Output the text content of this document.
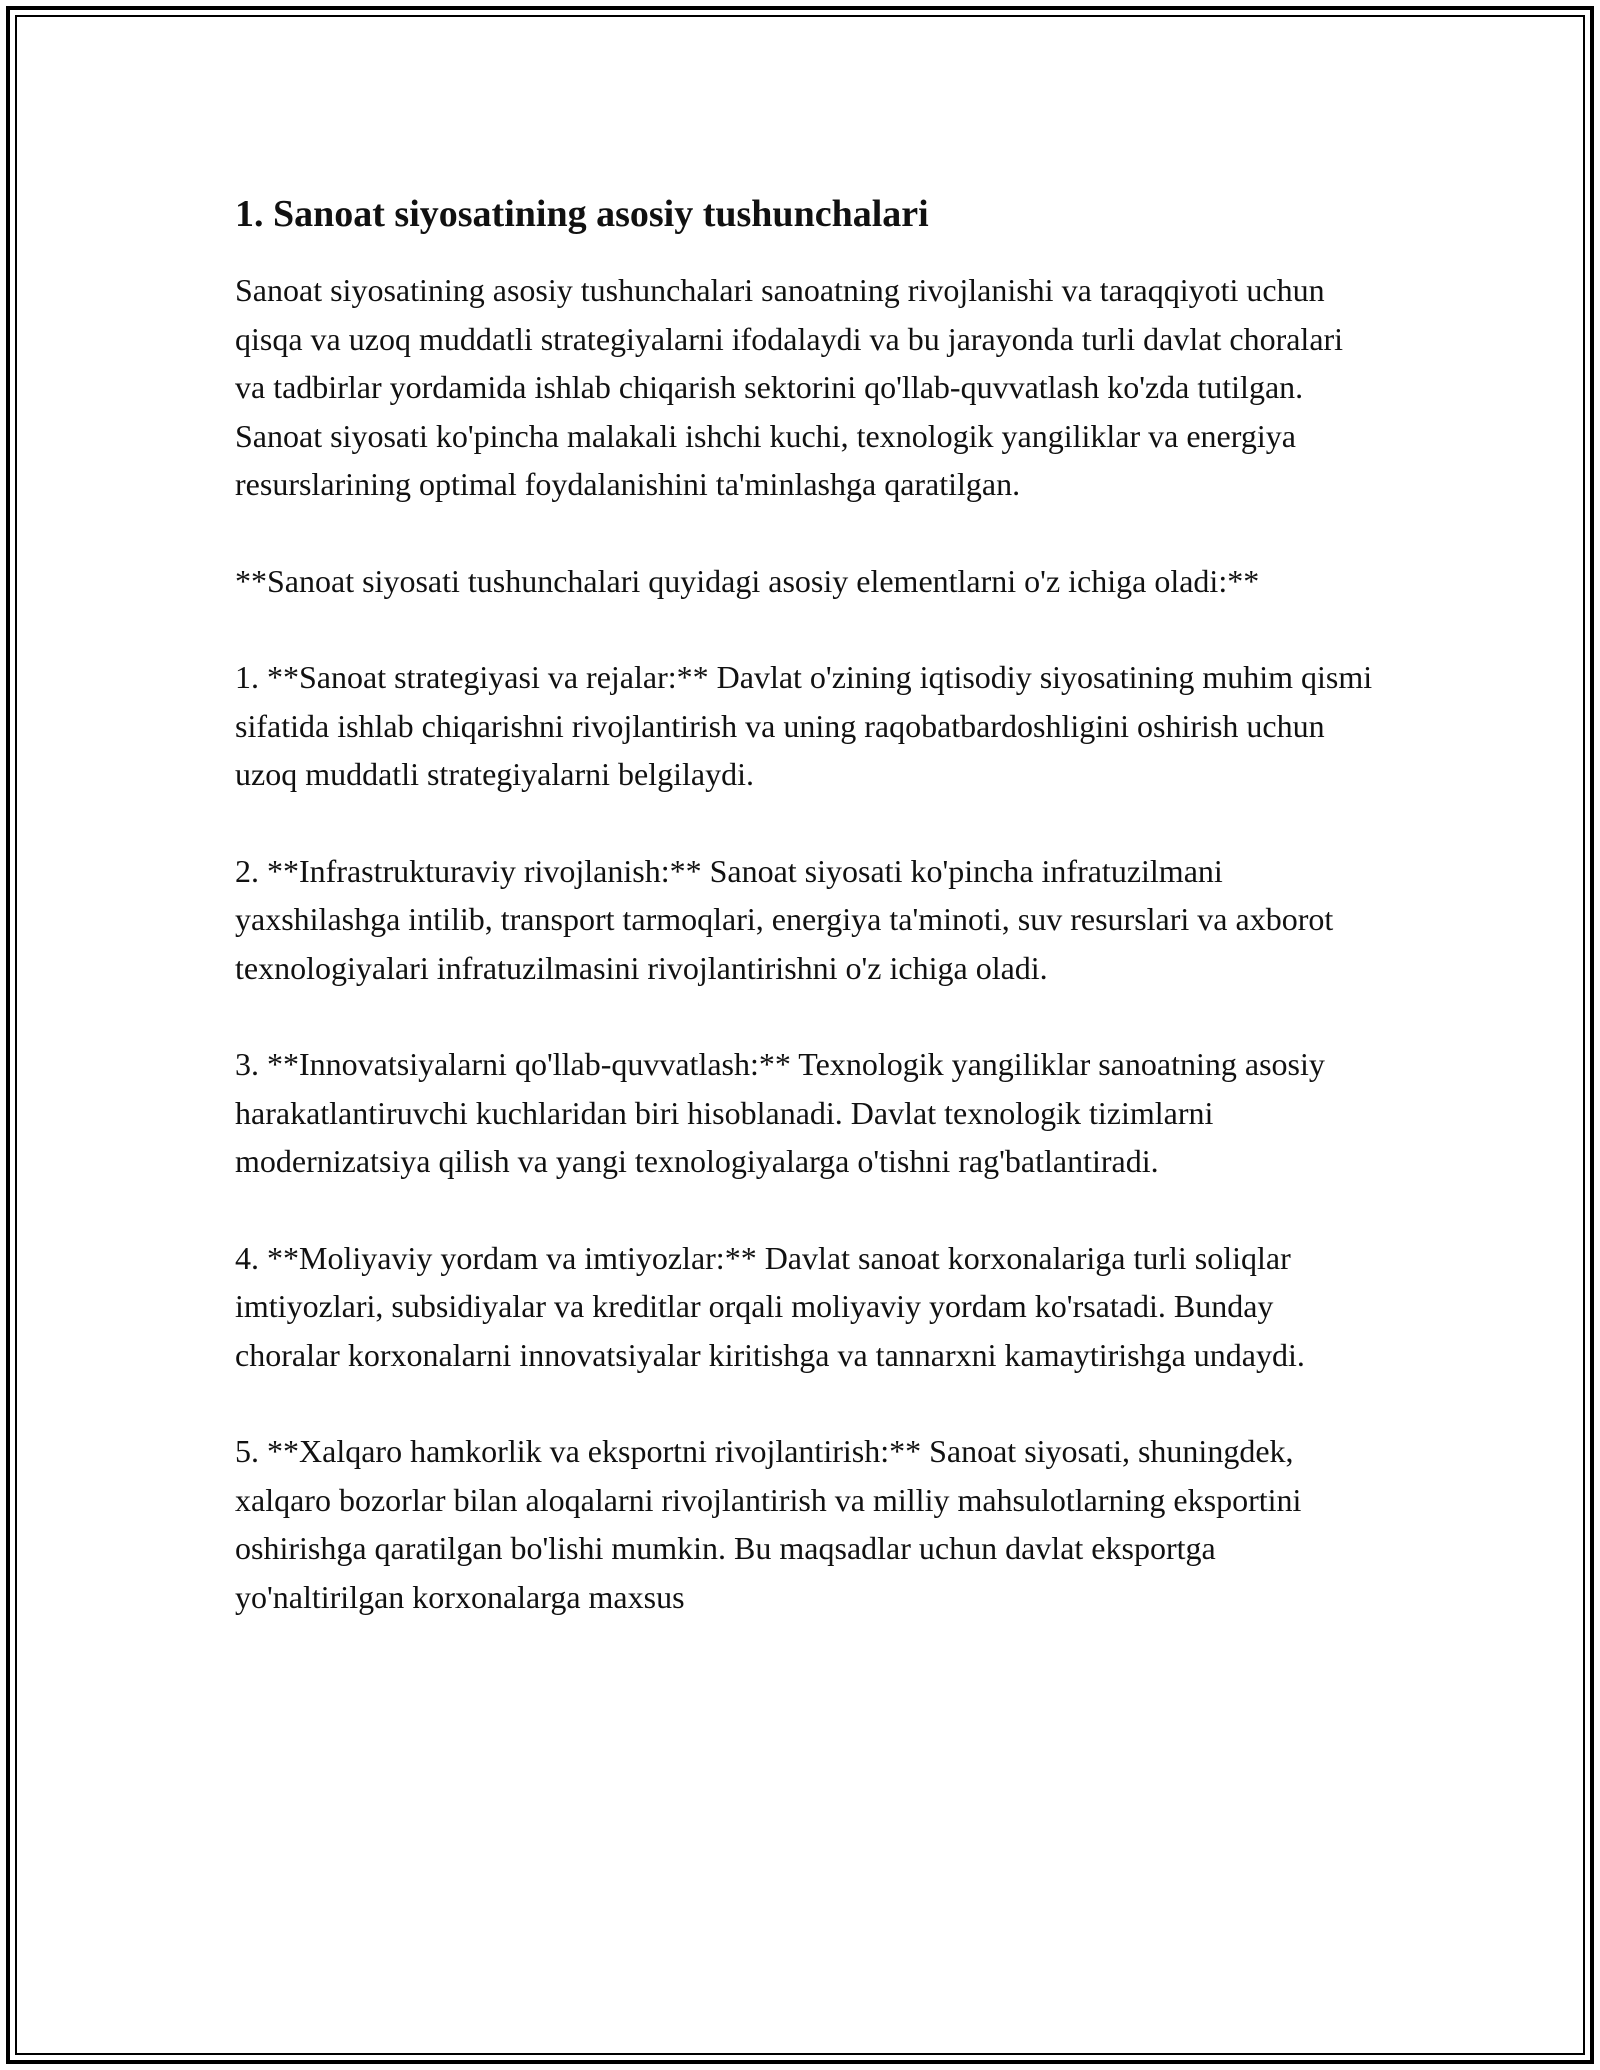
1. Sanoat siyosatining asosiy tushunchalari

Sanoat siyosatining asosiy tushunchalari sanoatning rivojlanishi va taraqqiyoti uchun qisqa va uzoq muddatli strategiyalarni ifodalaydi va bu jarayonda turli davlat choralari va tadbirlar yordamida ishlab chiqarish sektorini qo'llab-quvvatlash ko'zda tutilgan. Sanoat siyosati ko'pincha malakali ishchi kuchi, texnologik yangiliklar va energiya resurslarining optimal foydalanishini ta'minlashga qaratilgan.

**Sanoat siyosati tushunchalari quyidagi asosiy elementlarni o'z ichiga oladi:**

1. **Sanoat strategiyasi va rejalar:** Davlat o'zining iqtisodiy siyosatining muhim qismi sifatida ishlab chiqarishni rivojlantirish va uning raqobatbardoshligini oshirish uchun uzoq muddatli strategiyalarni belgilaydi.

2. **Infrastrukturaviy rivojlanish:** Sanoat siyosati ko'pincha infratuzilmani yaxshilashga intilib, transport tarmoqlari, energiya ta'minoti, suv resurslari va axborot texnologiyalari infratuzilmasini rivojlantirishni o'z ichiga oladi.

3. **Innovatsiyalarni qo'llab-quvvatlash:** Texnologik yangiliklar sanoatning asosiy harakatlantiruvchi kuchlaridan biri hisoblanadi. Davlat texnologik tizimlarni modernizatsiya qilish va yangi texnologiyalarga o'tishni rag'batlantiradi.

4. **Moliyaviy yordam va imtiyozlar:** Davlat sanoat korxonalariga turli soliqlar imtiyozlari, subsidiyalar va kreditlar orqali moliyaviy yordam ko'rsatadi. Bunday choralar korxonalarni innovatsiyalar kiritishga va tannarxni kamaytirishga undaydi.

5. **Xalqaro hamkorlik va eksportni rivojlantirish:** Sanoat siyosati, shuningdek, xalqaro bozorlar bilan aloqalarni rivojlantirish va milliy mahsulotlarning eksportini oshirishga qaratilgan bo'lishi mumkin. Bu maqsadlar uchun davlat eksportga yo'naltirilgan korxonalarga maxsus
